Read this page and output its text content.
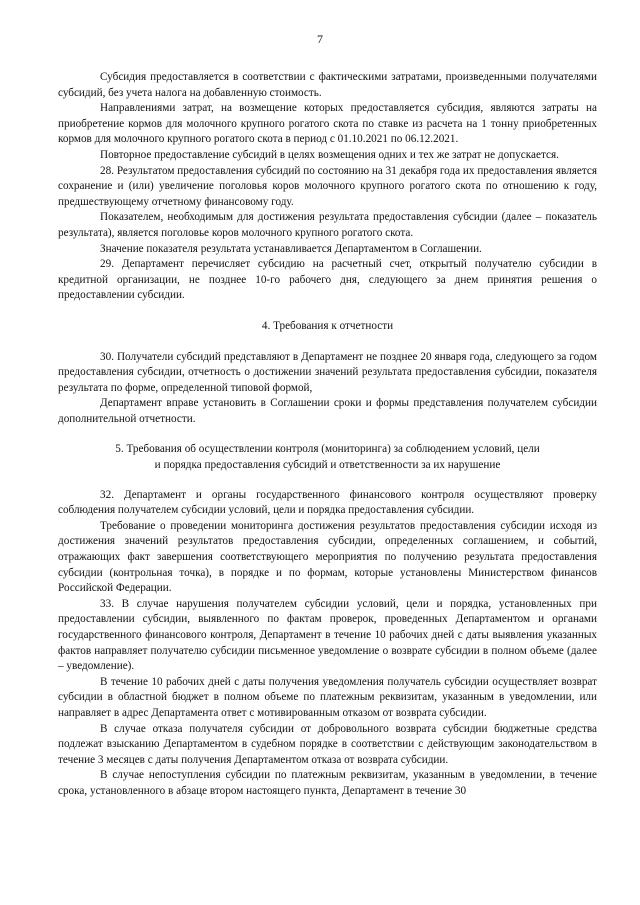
7

Субсидия предоставляется в соответствии с фактическими затратами, произведенными получателями субсидий, без учета налога на добавленную стоимость.

Направлениями затрат, на возмещение которых предоставляется субсидия, являются затраты на приобретение кормов для молочного крупного рогатого скота по ставке из расчета на 1 тонну приобретенных кормов для молочного крупного рогатого скота в период с 01.10.2021 по 06.12.2021.

Повторное предоставление субсидий в целях возмещения одних и тех же затрат не допускается.

28. Результатом предоставления субсидий по состоянию на 31 декабря года их предоставления является сохранение и (или) увеличение поголовья коров молочного крупного рогатого скота по отношению к году, предшествующему отчетному финансовому году.

Показателем, необходимым для достижения результата предоставления субсидии (далее – показатель результата), является поголовье коров молочного крупного рогатого скота.

Значение показателя результата устанавливается Департаментом в Соглашении.

29. Департамент перечисляет субсидию на расчетный счет, открытый получателю субсидии в кредитной организации, не позднее 10-го рабочего дня, следующего за днем принятия решения о предоставлении субсидии.

4. Требования к отчетности

30. Получатели субсидий представляют в Департамент не позднее 20 января года, следующего за годом предоставления субсидии, отчетность о достижении значений результата предоставления субсидии, показателя результата по форме, определенной типовой формой,

Департамент вправе установить в Соглашении сроки и формы представления получателем субсидии дополнительной отчетности.

5. Требования об осуществлении контроля (мониторинга) за соблюдением условий, цели

и порядка предоставления субсидий и ответственности за их нарушение

32. Департамент и органы государственного финансового контроля осуществляют проверку соблюдения получателем субсидии условий, цели и порядка предоставления субсидии.

Требование о проведении мониторинга достижения результатов предоставления субсидии исходя из достижения значений результатов предоставления субсидии, определенных соглашением, и событий, отражающих факт завершения соответствующего мероприятия по получению результата предоставления субсидии (контрольная точка), в порядке и по формам, которые установлены Министерством финансов Российской Федерации.

33. В случае нарушения получателем субсидии условий, цели и порядка, установленных при предоставлении субсидии, выявленного по фактам проверок, проведенных Департаментом и органами государственного финансового контроля, Департамент в течение 10 рабочих дней с даты выявления указанных фактов направляет получателю субсидии письменное уведомление о возврате субсидии в полном объеме (далее – уведомление).

В течение 10 рабочих дней с даты получения уведомления получатель субсидии осуществляет возврат субсидии в областной бюджет в полном объеме по платежным реквизитам, указанным в уведомлении, или направляет в адрес Департамента ответ с мотивированным отказом от возврата субсидии.

В случае отказа получателя субсидии от добровольного возврата субсидии бюджетные средства подлежат взысканию Департаментом в судебном порядке в соответствии с действующим законодательством в течение 3 месяцев с даты получения Департаментом отказа от возврата субсидии.

В случае непоступления субсидии по платежным реквизитам, указанным в уведомлении, в течение срока, установленного в абзаце втором настоящего пункта, Департамент в течение 30
